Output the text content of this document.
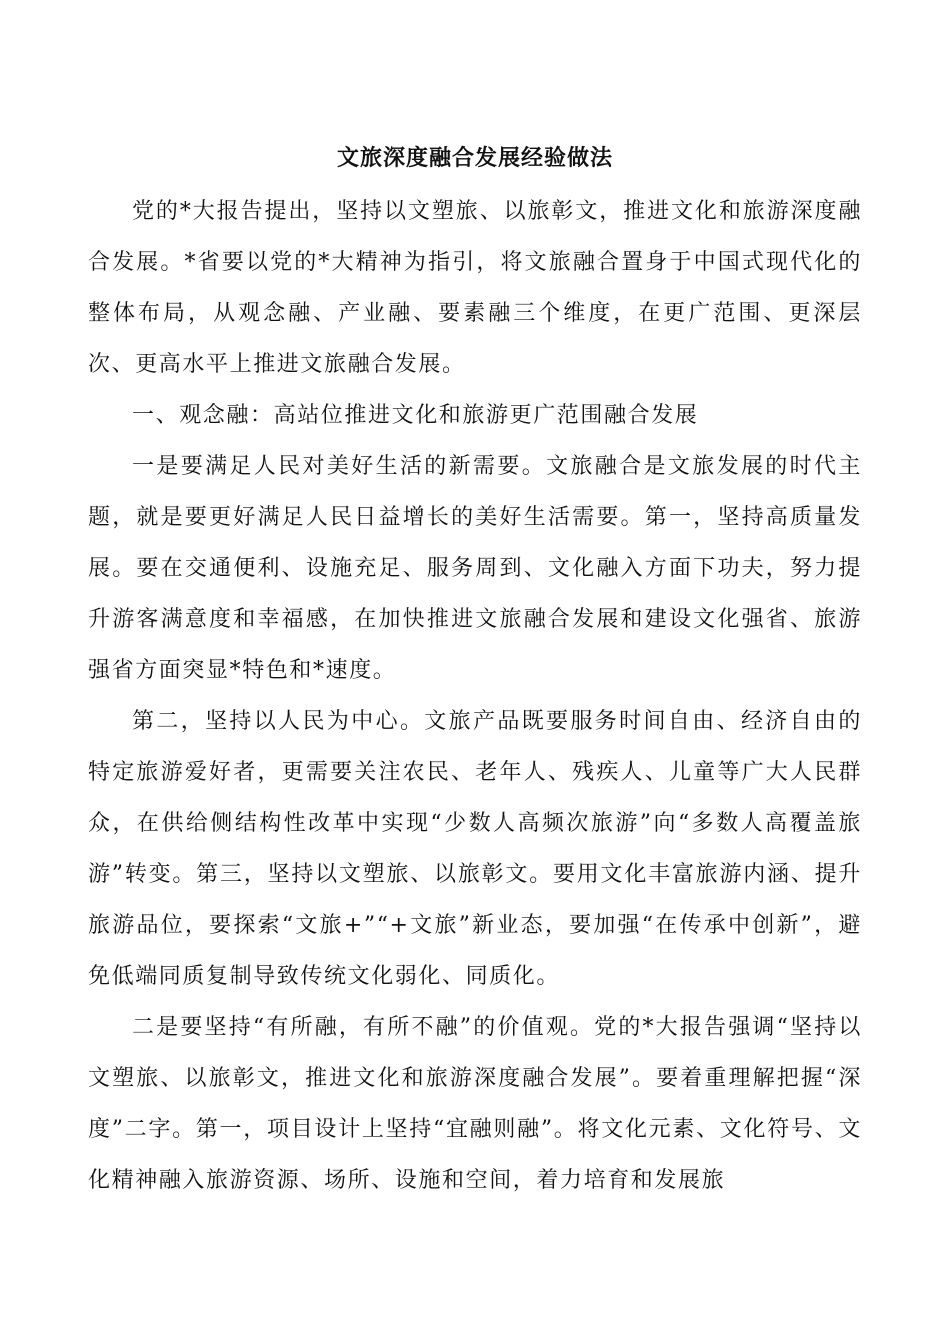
文旅深度融合发展经验做法

党的*大报告提出，坚持以文塑旅、以旅彰文，推进文化和旅游深度融合发展。*省要以党的*大精神为指引，将文旅融合置身于中国式现代化的整体布局，从观念融、产业融、要素融三个维度，在更广范围、更深层次、更高水平上推进文旅融合发展。

一、观念融：高站位推进文化和旅游更广范围融合发展

一是要满足人民对美好生活的新需要。文旅融合是文旅发展的时代主题，就是要更好满足人民日益增长的美好生活需要。第一，坚持高质量发展。要在交通便利、设施充足、服务周到、文化融入方面下功夫，努力提升游客满意度和幸福感，在加快推进文旅融合发展和建设文化强省、旅游强省方面突显*特色和*速度。

第二，坚持以人民为中心。文旅产品既要服务时间自由、经济自由的特定旅游爱好者，更需要关注农民、老年人、残疾人、儿童等广大人民群众，在供给侧结构性改革中实现“少数人高频次旅游”向“多数人高覆盖旅游”转变。第三，坚持以文塑旅、以旅彰文。要用文化丰富旅游内涵、提升旅游品位，要探索“文旅+”“+文旅”新业态，要加强“在传承中创新”，避免低端同质复制导致传统文化弱化、同质化。

二是要坚持“有所融，有所不融”的价值观。党的*大报告强调“坚持以文塑旅、以旅彰文，推进文化和旅游深度融合发展”。要着重理解把握“深度”二字。第一，项目设计上坚持“宜融则融”。将文化元素、文化符号、文化精神融入旅游资源、场所、设施和空间，着力培育和发展旅
